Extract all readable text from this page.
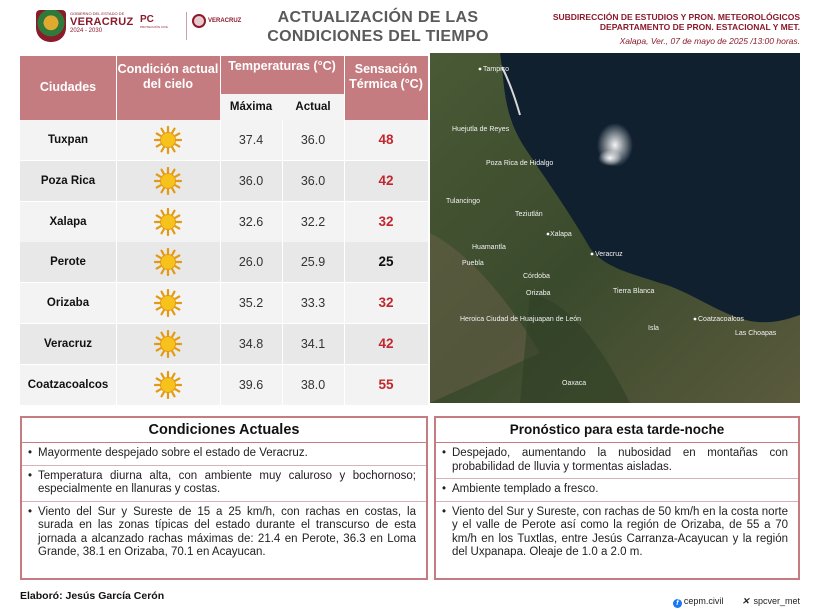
GOBIERNO DEL ESTADO DE
VERACRUZ
2024 - 2030
PC
PROTECCIÓN CIVIL
VERACRUZ	ACTUALIZACIÓN DE LAS
CONDICIONES DEL TIEMPO
SUBDIRECCIÓN DE ESTUDIOS Y PRON. METEOROLÓGICOS
DEPARTAMENTO DE PRON. ESTACIONAL Y MET.
Xalapa, Ver., 07 de mayo de 2025 /13:00 horas.
Ciudades
Condición actual del cielo
Temperaturas (°C)	Sensación Térmica (°C)
Máxima	Actual
Tuxpan	37.4	36.0	48
Poza Rica	36.0	36.0	42
Xalapa	32.6	32.2	32
Perote	26.0	25.9	25
Orizaba	35.2	33.3	32
Veracruz	34.8	34.1	42
Coatzacoalcos	39.6	38.0	55
Tampico
Huejutla de Reyes
Poza Rica de Hidalgo
Tulancingo
Teziutlán
Xalapa
Huamantla
Veracruz
Puebla
Córdoba
Orizaba	Tierra Blanca
Heroica Ciudad de Huajuapan de León	Coatzacoalcos
Las Choapas
Isla
Oaxaca
Condiciones Actuales
• Mayormente despejado sobre el estado de Veracruz.
• Temperatura diurna alta, con ambiente muy caluroso y bochornoso; especialmente en llanuras y costas.
• Viento del Sur y Sureste de 15 a 25 km/h, con rachas en costas, la surada en las zonas típicas del estado durante el transcurso de esta jornada a alcanzado rachas máximas de: 21.4 en Perote, 36.3 en Loma Grande, 38.1 en Orizaba, 70.1 en Acayucan.
Pronóstico para esta tarde-noche
• Despejado, aumentando la nubosidad en montañas con probabilidad de lluvia y tormentas aisladas.
• Ambiente templado a fresco.
• Viento del Sur y Sureste, con rachas de 50 km/h en la costa norte y el valle de Perote así como la región de Orizaba, de 55 a 70 km/h en los Tuxtlas, entre Jesús Carranza-Acayucan y la región del Uxpanapa. Oleaje de 1.0 a 2.0 m.
Elaboró: Jesús García Cerón
f cepm.civil ✕ spcver_met
